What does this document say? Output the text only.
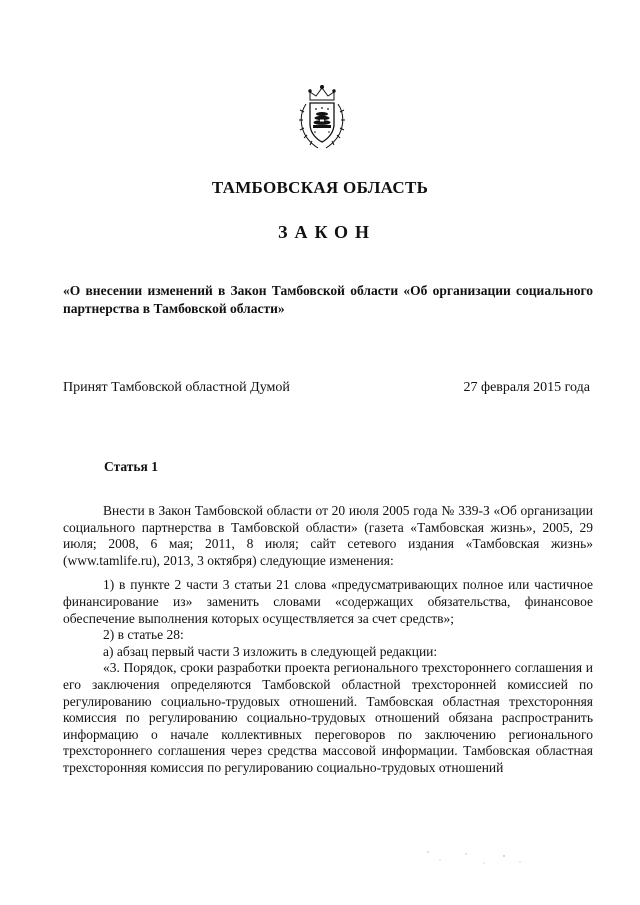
ТАМБОВСКАЯ ОБЛАСТЬ
ЗАКОН
«О внесении изменений в Закон Тамбовской области «Об организации социального партнерства в Тамбовской области»
Принят Тамбовской областной Думой	27 февраля 2015 года
Статья 1

Внести в Закон Тамбовской области от 20 июля 2005 года № 339-З «Об организации социального партнерства в Тамбовской области» (газета «Тамбовская жизнь», 2005, 29 июля; 2008, 6 мая; 2011, 8 июля; сайт сетевого издания «Тамбовская жизнь» (www.tamlife.ru), 2013, 3 октября) следующие изменения:

1) в пункте 2 части 3 статьи 21 слова «предусматривающих полное или частичное финансирование из» заменить словами «содержащих обязательства, финансовое обеспечение выполнения которых осуществляется за счет средств»;

2) в статье 28:

а) абзац первый части 3 изложить в следующей редакции:

«3. Порядок, сроки разработки проекта регионального трехстороннего соглашения и его заключения определяются Тамбовской областной трехсторонней комиссией по регулированию социально-трудовых отношений. Тамбовская областная трехсторонняя комиссия по регулированию социально-трудовых отношений обязана распространить информацию о начале коллективных переговоров по заключению регионального трехстороннего соглашения через средства массовой информации. Тамбовская областная трехсторонняя комиссия по регулированию социально-трудовых отношений
